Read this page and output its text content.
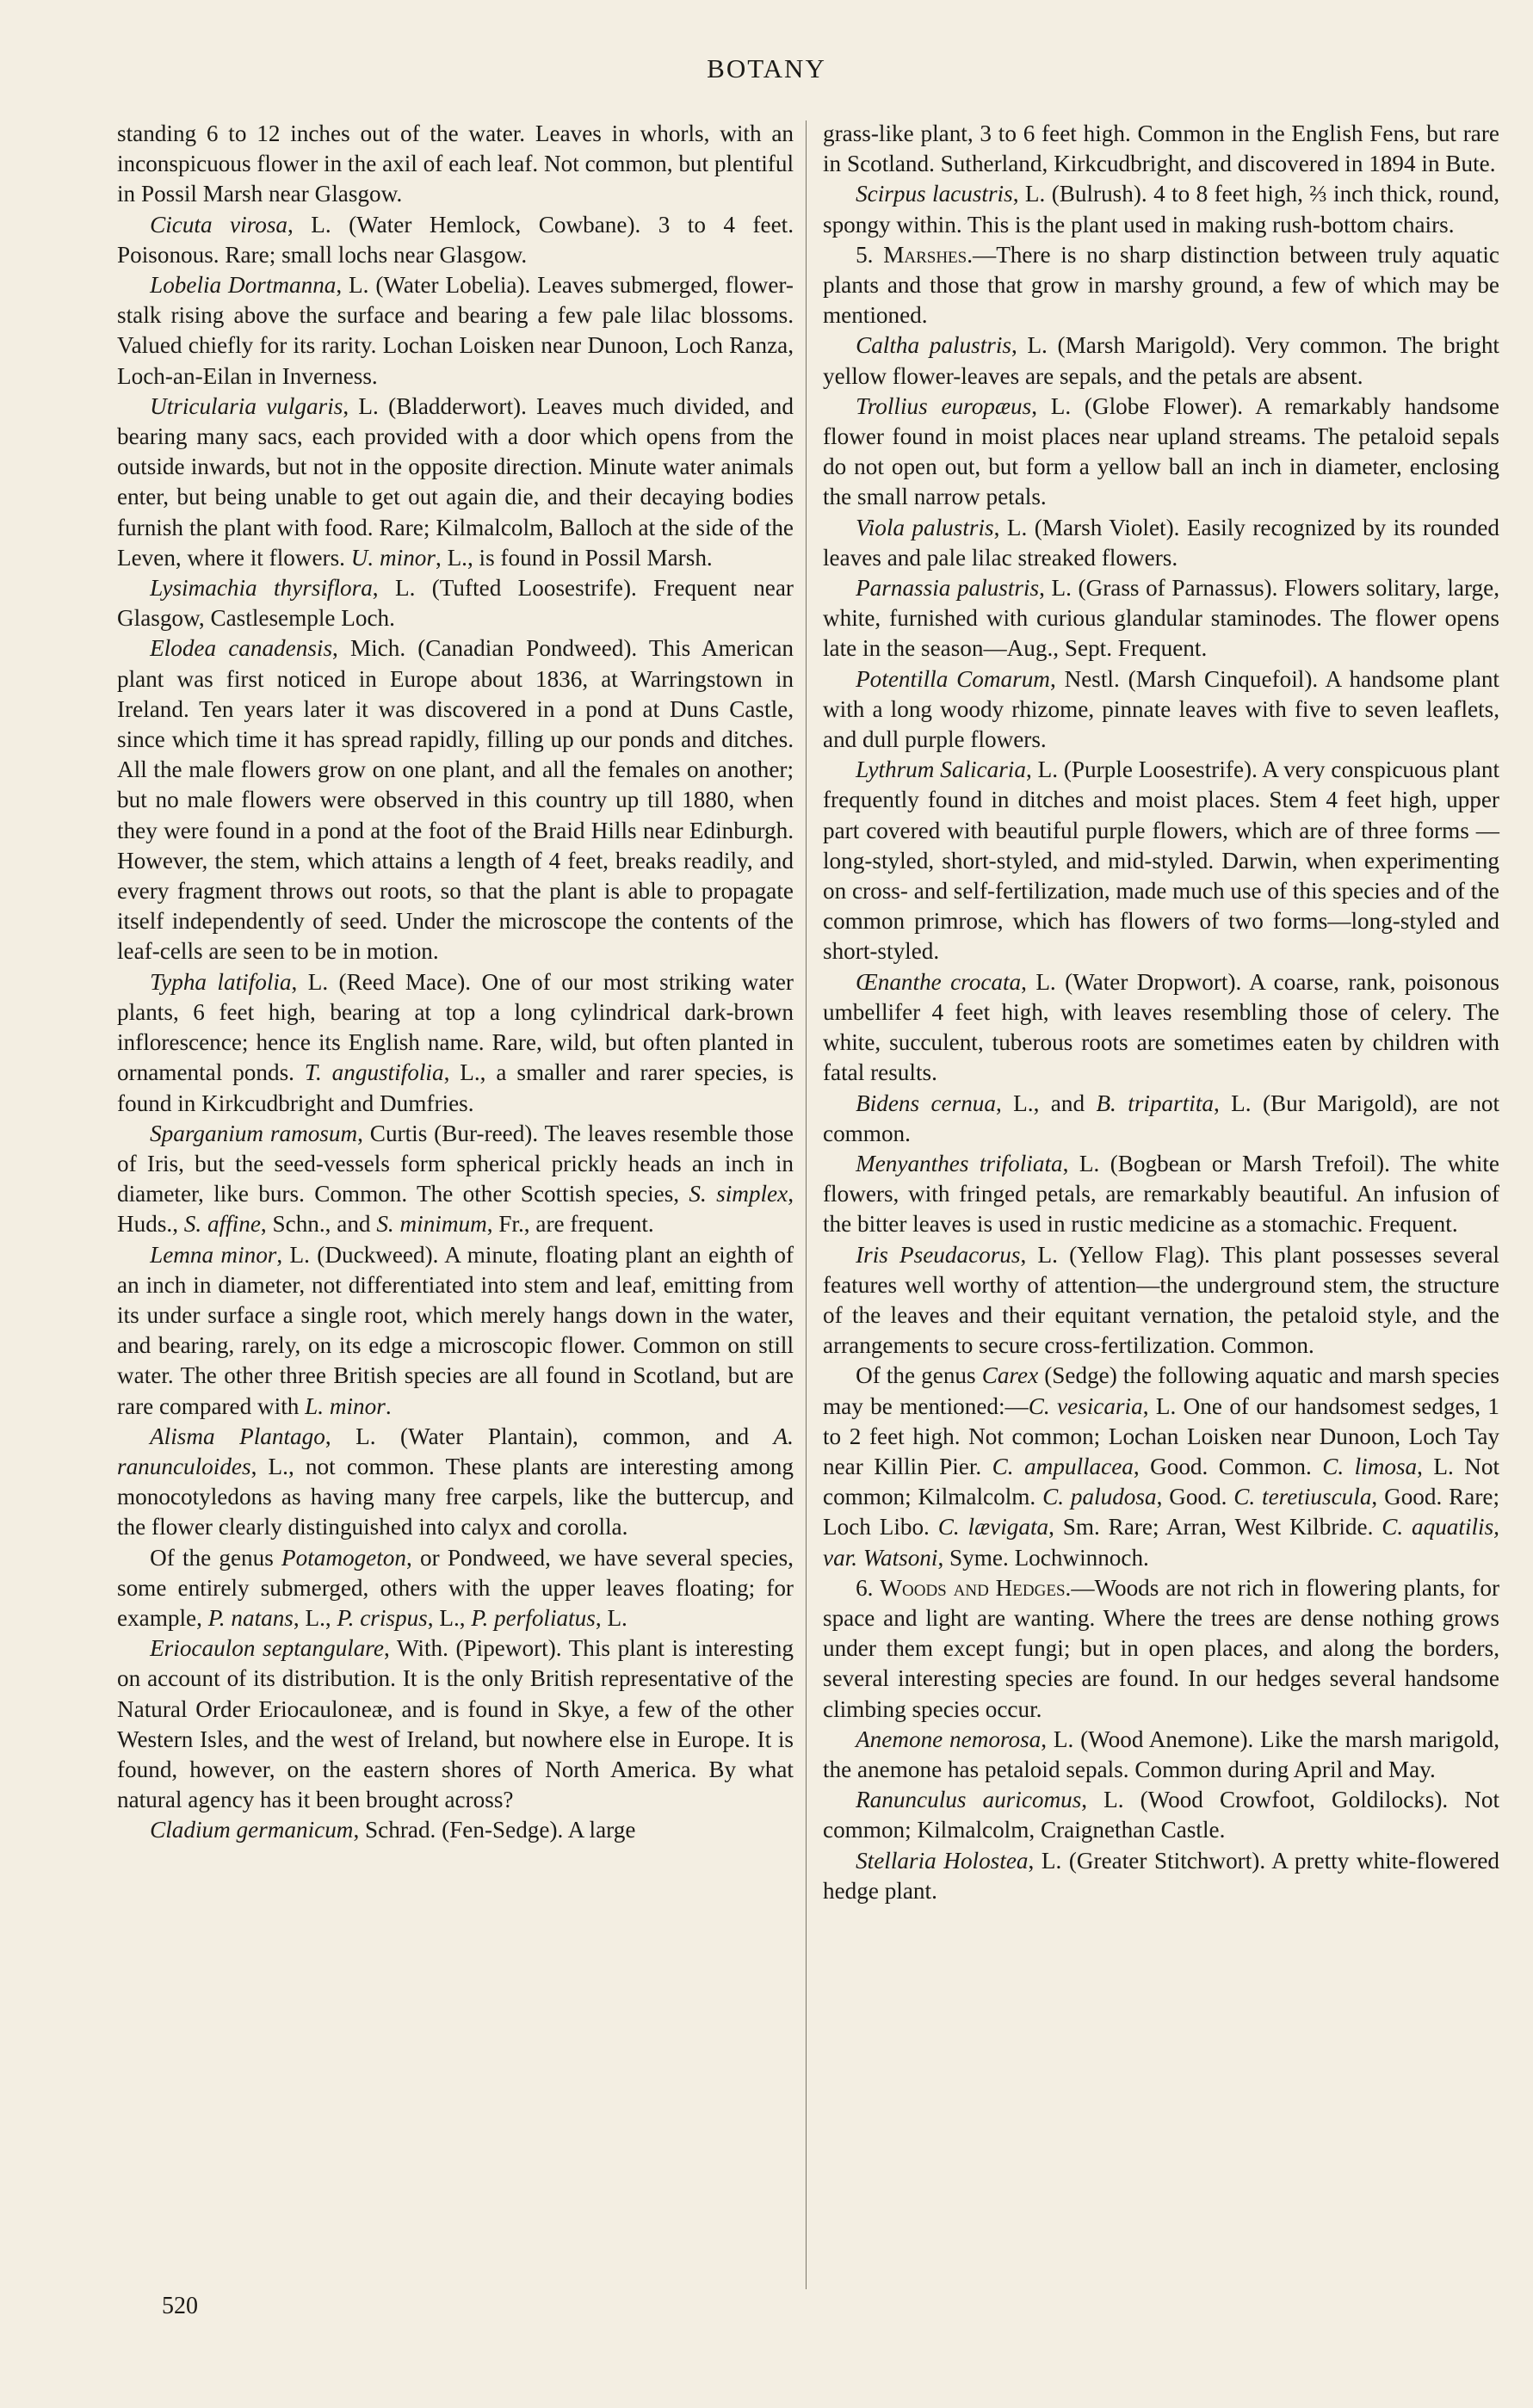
BOTANY

standing 6 to 12 inches out of the water. Leaves in whorls, with an inconspicuous flower in the axil of each leaf. Not common, but plentiful in Possil Marsh near Glasgow.

Cicuta virosa, L. (Water Hemlock, Cowbane). 3 to 4 feet. Poisonous. Rare; small lochs near Glasgow.

Lobelia Dortmanna, L. (Water Lobelia). Leaves submerged, flower-stalk rising above the surface and bearing a few pale lilac blossoms. Valued chiefly for its rarity. Lochan Loisken near Dunoon, Loch Ranza, Loch-an-Eilan in Inverness.

Utricularia vulgaris, L. (Bladderwort). Leaves much divided, and bearing many sacs, each provided with a door which opens from the outside inwards, but not in the opposite direction. Minute water animals enter, but being unable to get out again die, and their decaying bodies furnish the plant with food. Rare; Kilmalcolm, Balloch at the side of the Leven, where it flowers. U. minor, L., is found in Possil Marsh.

Lysimachia thyrsiflora, L. (Tufted Loosestrife). Frequent near Glasgow, Castlesemple Loch.

Elodea canadensis, Mich. (Canadian Pondweed). This American plant was first noticed in Europe about 1836, at Warringstown in Ireland. Ten years later it was discovered in a pond at Duns Castle, since which time it has spread rapidly, filling up our ponds and ditches. All the male flowers grow on one plant, and all the females on another; but no male flowers were observed in this country up till 1880, when they were found in a pond at the foot of the Braid Hills near Edinburgh. However, the stem, which attains a length of 4 feet, breaks readily, and every fragment throws out roots, so that the plant is able to propagate itself independently of seed. Under the microscope the contents of the leaf-cells are seen to be in motion.

Typha latifolia, L. (Reed Mace). One of our most striking water plants, 6 feet high, bearing at top a long cylindrical dark-brown inflorescence; hence its English name. Rare, wild, but often planted in ornamental ponds. T. angustifolia, L., a smaller and rarer species, is found in Kirkcudbright and Dumfries.

Sparganium ramosum, Curtis (Bur-reed). The leaves resemble those of Iris, but the seed-vessels form spherical prickly heads an inch in diameter, like burs. Common. The other Scottish species, S. simplex, Huds., S. affine, Schn., and S. minimum, Fr., are frequent.

Lemna minor, L. (Duckweed). A minute, floating plant an eighth of an inch in diameter, not differentiated into stem and leaf, emitting from its under surface a single root, which merely hangs down in the water, and bearing, rarely, on its edge a microscopic flower. Common on still water. The other three British species are all found in Scotland, but are rare compared with L. minor.

Alisma Plantago, L. (Water Plantain), common, and A. ranunculoides, L., not common. These plants are interesting among monocotyledons as having many free carpels, like the buttercup, and the flower clearly distinguished into calyx and corolla.

Of the genus Potamogeton, or Pondweed, we have several species, some entirely submerged, others with the upper leaves floating; for example, P. natans, L., P. crispus, L., P. perfoliatus, L.

Eriocaulon septangulare, With. (Pipewort). This plant is interesting on account of its distribution. It is the only British representative of the Natural Order Eriocauloneæ, and is found in Skye, a few of the other Western Isles, and the west of Ireland, but nowhere else in Europe. It is found, however, on the eastern shores of North America. By what natural agency has it been brought across?

Cladium germanicum, Schrad. (Fen-Sedge). A large

grass-like plant, 3 to 6 feet high. Common in the English Fens, but rare in Scotland. Sutherland, Kirkcudbright, and discovered in 1894 in Bute.

Scirpus lacustris, L. (Bulrush). 4 to 8 feet high, ⅔ inch thick, round, spongy within. This is the plant used in making rush-bottom chairs.

5. Marshes.—There is no sharp distinction between truly aquatic plants and those that grow in marshy ground, a few of which may be mentioned.

Caltha palustris, L. (Marsh Marigold). Very common. The bright yellow flower-leaves are sepals, and the petals are absent.

Trollius europæus, L. (Globe Flower). A remarkably handsome flower found in moist places near upland streams. The petaloid sepals do not open out, but form a yellow ball an inch in diameter, enclosing the small narrow petals.

Viola palustris, L. (Marsh Violet). Easily recognized by its rounded leaves and pale lilac streaked flowers.

Parnassia palustris, L. (Grass of Parnassus). Flowers solitary, large, white, furnished with curious glandular staminodes. The flower opens late in the season—Aug., Sept. Frequent.

Potentilla Comarum, Nestl. (Marsh Cinquefoil). A handsome plant with a long woody rhizome, pinnate leaves with five to seven leaflets, and dull purple flowers.

Lythrum Salicaria, L. (Purple Loosestrife). A very conspicuous plant frequently found in ditches and moist places. Stem 4 feet high, upper part covered with beautiful purple flowers, which are of three forms —long-styled, short-styled, and mid-styled. Darwin, when experimenting on cross- and self-fertilization, made much use of this species and of the common primrose, which has flowers of two forms—long-styled and short-styled.

Œnanthe crocata, L. (Water Dropwort). A coarse, rank, poisonous umbellifer 4 feet high, with leaves resembling those of celery. The white, succulent, tuberous roots are sometimes eaten by children with fatal results.

Bidens cernua, L., and B. tripartita, L. (Bur Marigold), are not common.

Menyanthes trifoliata, L. (Bogbean or Marsh Trefoil). The white flowers, with fringed petals, are remarkably beautiful. An infusion of the bitter leaves is used in rustic medicine as a stomachic. Frequent.

Iris Pseudacorus, L. (Yellow Flag). This plant possesses several features well worthy of attention—the underground stem, the structure of the leaves and their equitant vernation, the petaloid style, and the arrangements to secure cross-fertilization. Common.

Of the genus Carex (Sedge) the following aquatic and marsh species may be mentioned:—C. vesicaria, L. One of our handsomest sedges, 1 to 2 feet high. Not common; Lochan Loisken near Dunoon, Loch Tay near Killin Pier. C. ampullacea, Good. Common. C. limosa, L. Not common; Kilmalcolm. C. paludosa, Good. C. teretiuscula, Good. Rare; Loch Libo. C. lævigata, Sm. Rare; Arran, West Kilbride. C. aquatilis, var. Watsoni, Syme. Lochwinnoch.

6. Woods and Hedges.—Woods are not rich in flowering plants, for space and light are wanting. Where the trees are dense nothing grows under them except fungi; but in open places, and along the borders, several interesting species are found. In our hedges several handsome climbing species occur.

Anemone nemorosa, L. (Wood Anemone). Like the marsh marigold, the anemone has petaloid sepals. Common during April and May.

Ranunculus auricomus, L. (Wood Crowfoot, Goldilocks). Not common; Kilmalcolm, Craignethan Castle.

Stellaria Holostea, L. (Greater Stitchwort). A pretty white-flowered hedge plant.

520
